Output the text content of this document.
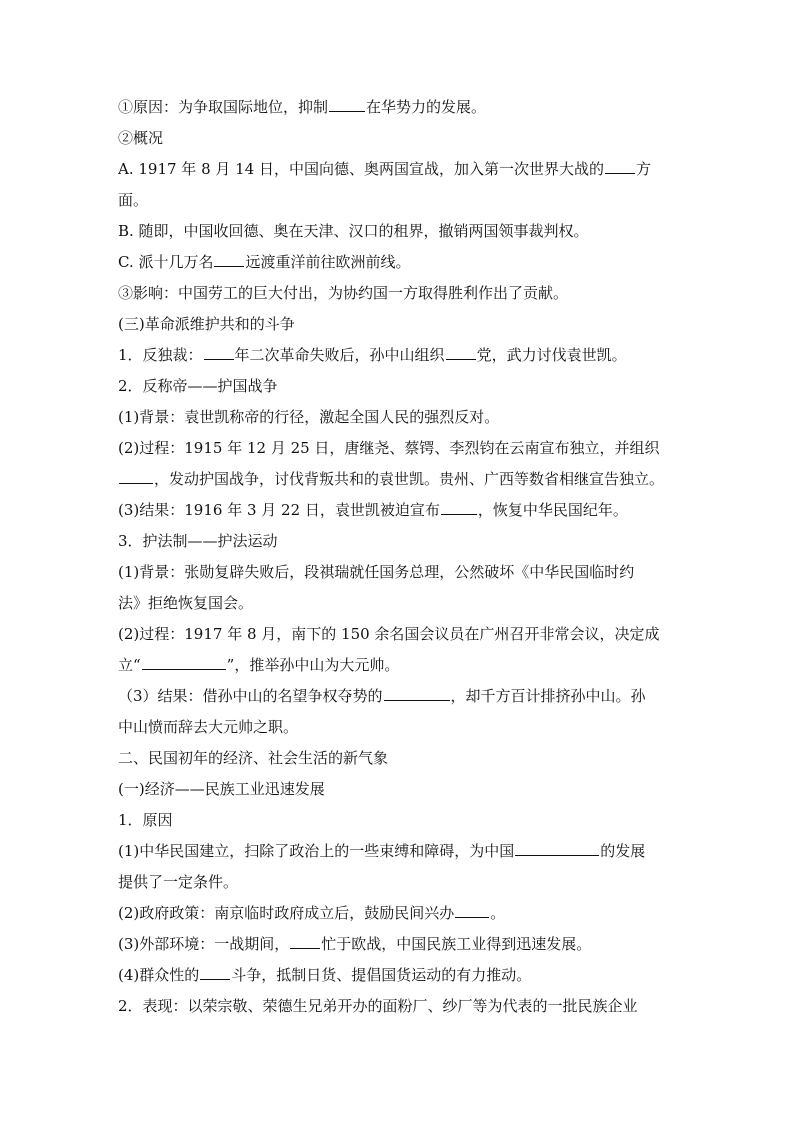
①原因：为争取国际地位，抑制	在华势力的发展。
②概况
A. 1917 年 8 月 14 日，中国向德、奥两国宣战，加入第一次世界大战的 方
面。
B. 随即，中国收回德、奥在天津、汉口的租界，撤销两国领事裁判权。
C. 派十几万名 远渡重洋前往欧洲前线。
③影响：中国劳工的巨大付出，为协约国一方取得胜利作出了贡献。
(三)革命派维护共和的斗争
1．反独裁： 年二次革命失败后，孙中山组织 党，武力讨伐袁世凯。
2．反称帝——护国战争
(1)背景：袁世凯称帝的行径，激起全国人民的强烈反对。
(2)过程：1915 年 12 月 25 日，唐继尧、蔡锷、李烈钧在云南宣布独立，并组织
，发动护国战争，讨伐背叛共和的袁世凯。贵州、广西等数省相继宣告独立。
(3)结果：1916 年 3 月 22 日，袁世凯被迫宣布	，恢复中华民国纪年。
3．护法制——护法运动
(1)背景：张勋复辟失败后，段祺瑞就任国务总理，公然破坏《中华民国临时约
法》拒绝恢复国会。
(2)过程：1917 年 8 月，南下的 150 余名国会议员在广州召开非常会议，决定成
立“	”，推举孙中山为大元帅。
（3）结果：借孙中山的名望争权夺势的	，却千方百计排挤孙中山。孙
中山愤而辞去大元帅之职。
二、民国初年的经济、社会生活的新气象
(一)经济——民族工业迅速发展
1．原因
(1)中华民国建立，扫除了政治上的一些束缚和障碍，为中国	的发展
提供了一定条件。
(2)政府政策：南京临时政府成立后，鼓励民间兴办 。
(3)外部环境：一战期间， 忙于欧战，中国民族工业得到迅速发展。
(4)群众性的 斗争，抵制日货、提倡国货运动的有力推动。
2．表现：以荣宗敬、荣德生兄弟开办的面粉厂、纱厂等为代表的一批民族企业
